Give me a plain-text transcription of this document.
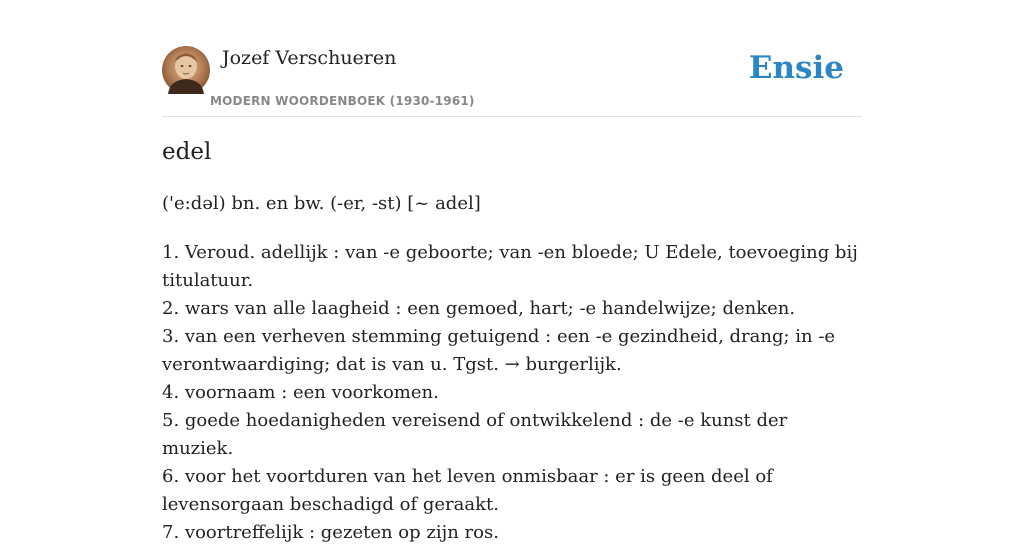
Jozef Verschueren
MODERN WOORDENBOEK (1930-1961)
Ensie
edel
('e:dəl) bn. en bw. (-er, -st) [~ adel]
1. Veroud. adellijk : van -e geboorte; van -en bloede; U Edele, toevoeging bij titulatuur.
2. wars van alle laagheid : een gemoed, hart; -e handelwijze; denken.
3. van een verheven stemming getuigend : een -e gezindheid, drang; in -e verontwaardiging; dat is van u. Tgst. → burgerlijk.
4. voornaam : een voorkomen.
5. goede hoedanigheden vereisend of ontwikkelend : de -e kunst der muziek.
6. voor het voortduren van het leven onmisbaar : er is geen deel of levensorgaan beschadigd of geraakt.
7. voortreffelijk : gezeten op zijn ros.
